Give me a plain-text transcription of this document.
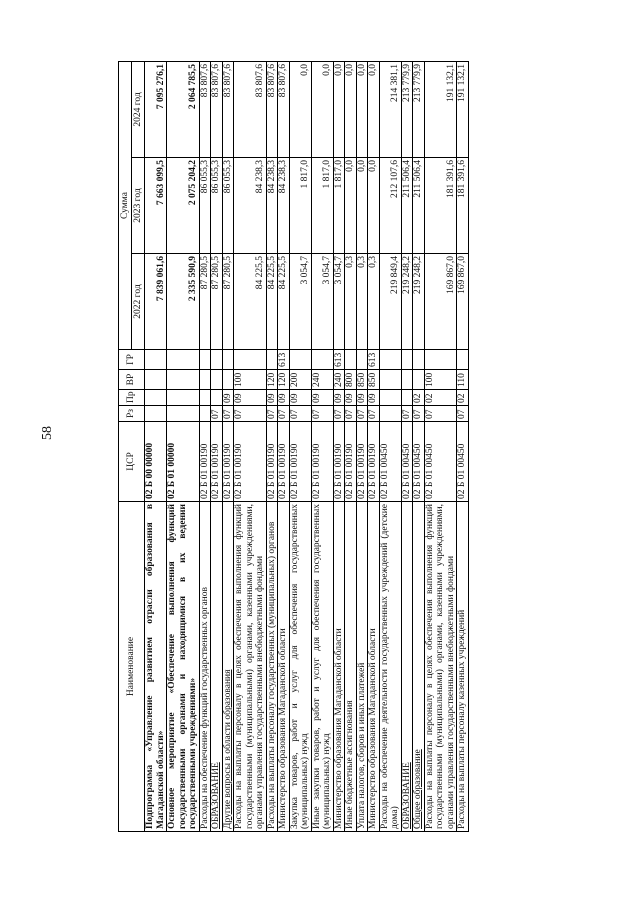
58
Наименование	ЦСР	Рз	Пр	ВР	ГР	Сумма		
						2022 год	2023 год	2024 год
Подпрограмма «Управление развитием отрасли образования в Магаданской области»	02 Б 00 00000					7 839 061,6	7 663 099,5	7 095 276,1
Основное мероприятие «Обеспечение выполнения функций государственными органами и находящимися в их ведении государственными учреждениями»	02 Б 01 00000					2 335 590,9	2 075 204,2	2 064 785,5
Расходы на обеспечение функций государственных органов	02 Б 01 00190					87 280,5	86 055,3	83 807,6
ОБРАЗОВАНИЕ	02 Б 01 00190	07				87 280,5	86 055,3	83 807,6
Другие вопросы в области образования	02 Б 01 00190	07	09			87 280,5	86 055,3	83 807,6
Расходы на выплаты персоналу в целях обеспечения выполнения функций государственными (муниципальными) органами, казенными учреждениями, органами управления государственными внебюджетными фондами	02 Б 01 00190	07	09	100		84 225,5	84 238,3	83 807,6
Расходы на выплаты персоналу государственных (муниципальных) органов	02 Б 01 00190	07	09	120		84 225,5	84 238,3	83 807,6
Министерство образования Магаданской области	02 Б 01 00190	07	09	120	613	84 225,5	84 238,3	83 807,6
Закупка товаров, работ и услуг для обеспечения государственных (муниципальных) нужд	02 Б 01 00190	07	09	200		3 054,7	1 817,0	0,0
Иные закупки товаров, работ и услуг для обеспечения государственных (муниципальных) нужд	02 Б 01 00190	07	09	240		3 054,7	1 817,0	0,0
Министерство образования Магаданской области	02 Б 01 00190	07	09	240	613	3 054,7	1 817,0	0,0
Иные бюджетные ассигнования	02 Б 01 00190	07	09	800		0,3	0,0	0,0
Уплата налогов, сборов и иных платежей	02 Б 01 00190	07	09	850		0,3	0,0	0,0
Министерство образования Магаданской области	02 Б 01 00190	07	09	850	613	0,3	0,0	0,0
Расходы на обеспечение деятельности государственных учреждений (детские дома)	02 Б 01 00450					219 849,4	212 107,6	214 381,1
ОБРАЗОВАНИЕ	02 Б 01 00450	07				219 248,2	211 506,4	213 779,9
Общее образование	02 Б 01 00450	07	02			219 248,2	211 506,4	213 779,9
Расходы на выплаты персоналу в целях обеспечения выполнения функций государственными (муниципальными) органами, казенными учреждениями, органами управления государственными внебюджетными фондами	02 Б 01 00450	07	02	100		169 867,0	181 391,6	191 132,1
Расходы на выплаты персоналу казенных учреждений	02 Б 01 00450	07	02	110		169 867,0	181 391,6	191 132,1
